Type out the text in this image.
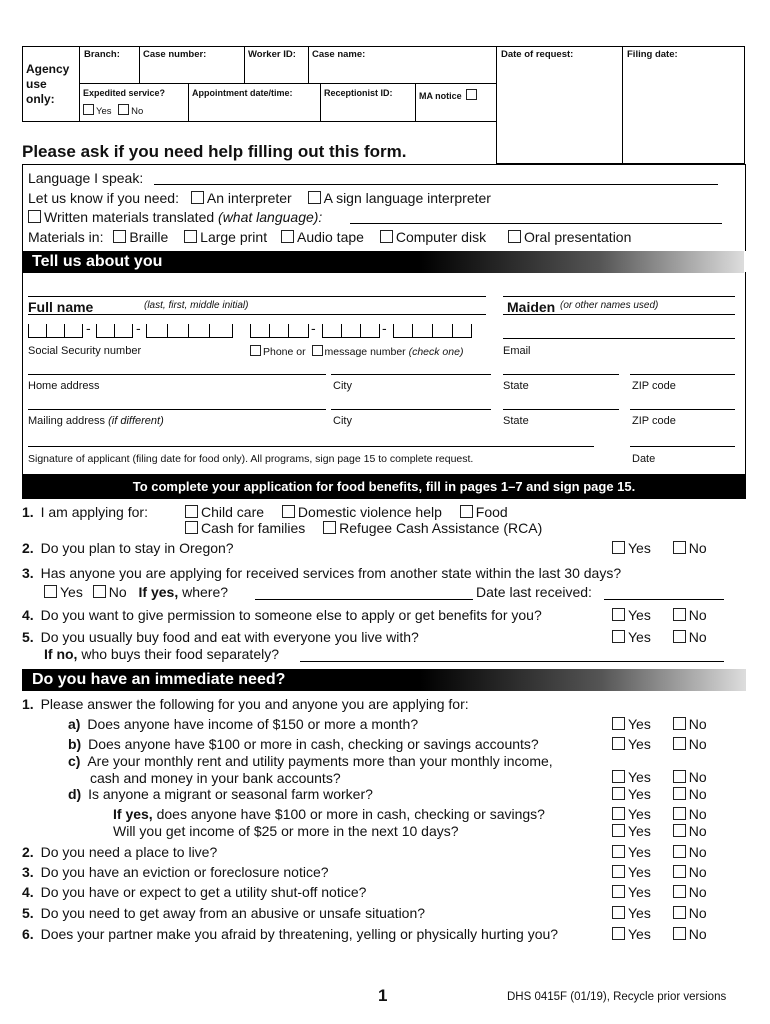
Agency use only:
Branch: Case number:	Worker ID: Case name:	Date of request:	Filing date:
Expedited service?
Yes No
Appointment date/time:	Receptionist ID:	MA notice
Please ask if you need help filling out this form.
Language I speak:
Let us know if you need: An interpreter A sign language interpreter
Written materials translated (what language):
Materials in: Braille Large print Audio tape Computer disk	Oral presentation
Tell us about you
Full name	(last, first, middle initial)	Maiden (or other names used)
-	-	-	-
Social Security number	Phone or message number (check one)	Email
Home address	City	State	ZIP code
Mailing address (if different)	City	State	ZIP code
Signature of applicant (filing date for food only). All programs, sign page 15 to complete request.	Date
To complete your application for food benefits, fill in pages 1–7 and sign page 15.
1. I am applying for:	Child care Domestic violence help Food
Cash for families Refugee Cash Assistance (RCA)
2. Do you plan to stay in Oregon?	Yes	No
3. Has anyone you are applying for received services from another state within the last 30 days?
Yes No If yes, where?	Date last received:
4. Do you want to give permission to someone else to apply or get benefits for you?	Yes	No
5. Do you usually buy food and eat with everyone you live with?	Yes	No
If no, who buys their food separately?
Do you have an immediate need?
1. Please answer the following for you and anyone you are applying for:
a) Does anyone have income of $150 or more a month?	Yes	No
b) Does anyone have $100 or more in cash, checking or savings accounts?	Yes	No
c) Are your monthly rent and utility payments more than your monthly income,
cash and money in your bank accounts?	Yes	No
d) Is anyone a migrant or seasonal farm worker?	Yes	No
If yes, does anyone have $100 or more in cash, checking or savings?	Yes	No
Will you get income of $25 or more in the next 10 days?	Yes	No
2. Do you need a place to live?	Yes	No
3. Do you have an eviction or foreclosure notice?	Yes	No
4. Do you have or expect to get a utility shut-off notice?	Yes	No
5. Do you need to get away from an abusive or unsafe situation?	Yes	No
6. Does your partner make you afraid by threatening, yelling or physically hurting you?	Yes	No
1	DHS 0415F (01/19), Recycle prior versions
